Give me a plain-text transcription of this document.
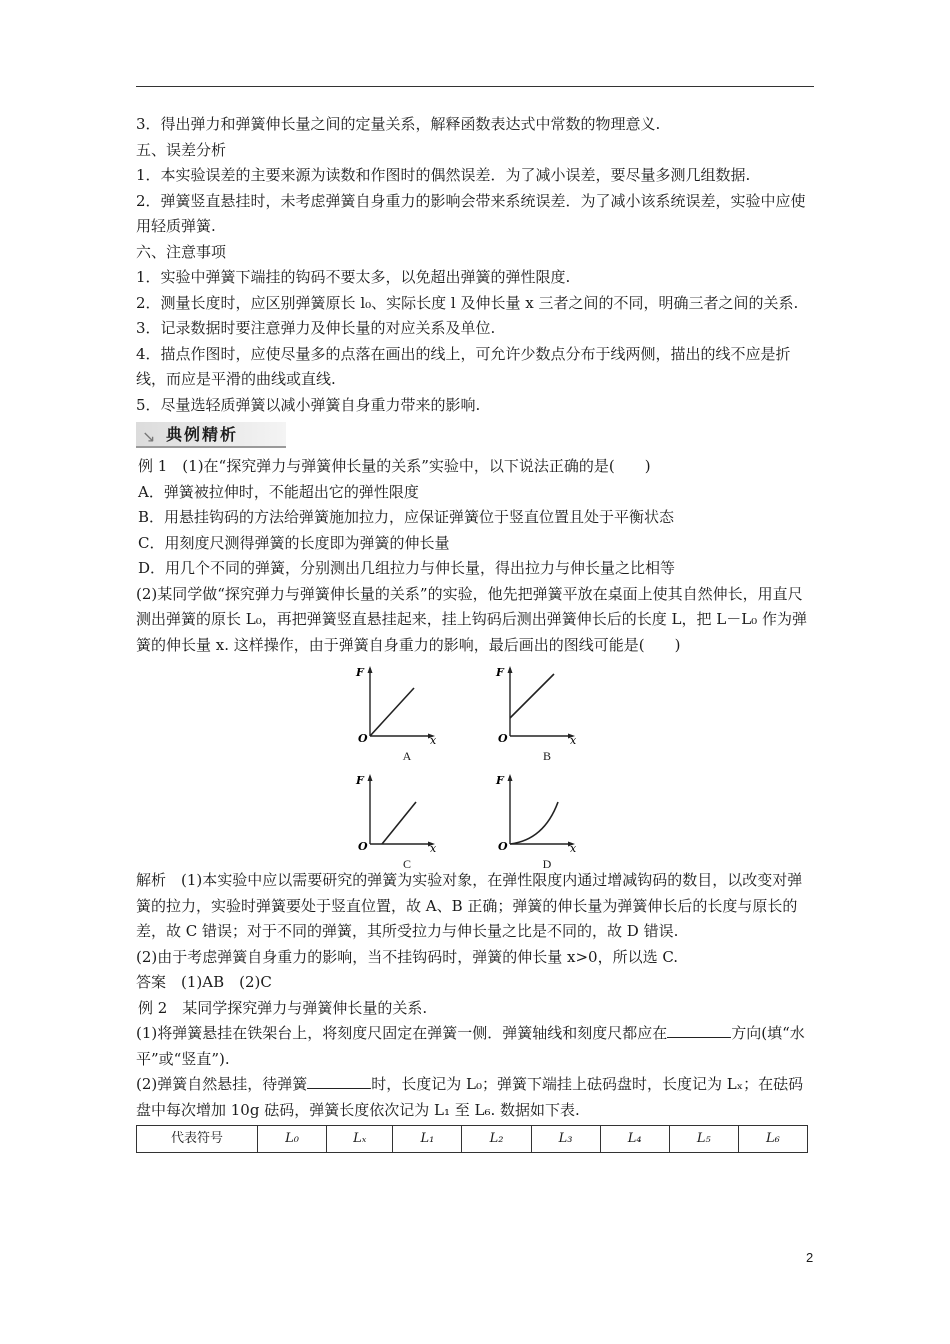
3．得出弹力和弹簧伸长量之间的定量关系，解释函数表达式中常数的物理意义.

五、误差分析

1．本实验误差的主要来源为读数和作图时的偶然误差．为了减小误差，要尽量多测几组数据.

2．弹簧竖直悬挂时，未考虑弹簧自身重力的影响会带来系统误差．为了减小该系统误差，实验中应使用轻质弹簧.

六、注意事项

1．实验中弹簧下端挂的钩码不要太多，以免超出弹簧的弹性限度.

2．测量长度时，应区别弹簧原长 l₀、实际长度 l 及伸长量 x 三者之间的不同，明确三者之间的关系.

3．记录数据时要注意弹力及伸长量的对应关系及单位.

4．描点作图时，应使尽量多的点落在画出的线上，可允许少数点分布于线两侧，描出的线不应是折线，而应是平滑的曲线或直线.

5．尽量选轻质弹簧以减小弹簧自身重力带来的影响.

↘ 典例精析

例 1　(1)在“探究弹力与弹簧伸长量的关系”实验中，以下说法正确的是(　　)

A．弹簧被拉伸时，不能超出它的弹性限度

B．用悬挂钩码的方法给弹簧施加拉力，应保证弹簧位于竖直位置且处于平衡状态

C．用刻度尺测得弹簧的长度即为弹簧的伸长量

D．用几个不同的弹簧，分别测出几组拉力与伸长量，得出拉力与伸长量之比相等

(2)某同学做“探究弹力与弹簧伸长量的关系”的实验，他先把弹簧平放在桌面上使其自然伸长，用直尺测出弹簧的原长 L₀，再把弹簧竖直悬挂起来，挂上钩码后测出弹簧伸长后的长度 L，把 L－L₀ 作为弹簧的伸长量 x. 这样操作，由于弹簧自身重力的影响，最后画出的图线可能是(　　)

F
O	x
A
F
O	x
B
F
O	x
C
F
O	x
D

解析　(1)本实验中应以需要研究的弹簧为实验对象，在弹性限度内通过增减钩码的数目，以改变对弹簧的拉力，实验时弹簧要处于竖直位置，故 A、B 正确；弹簧的伸长量为弹簧伸长后的长度与原长的差，故 C 错误；对于不同的弹簧，其所受拉力与伸长量之比是不同的，故 D 错误.

(2)由于考虑弹簧自身重力的影响，当不挂钩码时，弹簧的伸长量 x>0，所以选 C.

答案　(1)AB　(2)C

例 2　某同学探究弹力与弹簧伸长量的关系.

(1)将弹簧悬挂在铁架台上，将刻度尺固定在弹簧一侧．弹簧轴线和刻度尺都应在	方向(填“水平”或“竖直”).

(2)弹簧自然悬挂，待弹簧	时，长度记为 L₀；弹簧下端挂上砝码盘时，长度记为 Lₓ；在砝码盘中每次增加 10g 砝码，弹簧长度依次记为 L₁ 至 L₆. 数据如下表.

代表符号	L₀	Lₓ	L₁	L₂	L₃	L₄	L₅	L₆
2
